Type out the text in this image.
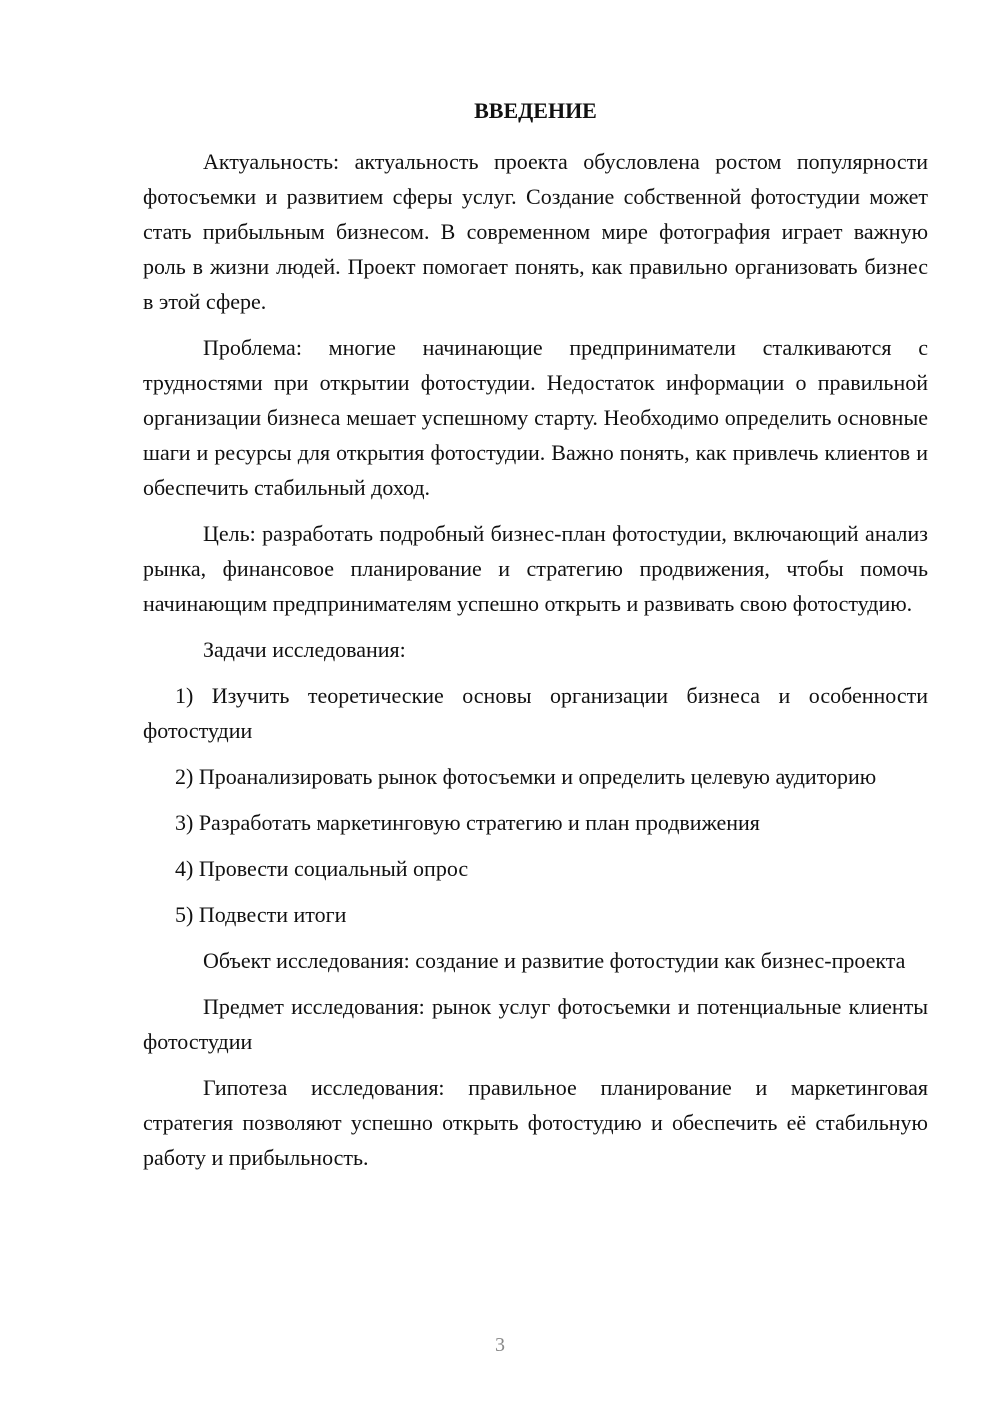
ВВЕДЕНИЕ

Актуальность: актуальность проекта обусловлена ростом популярности фотосъемки и развитием сферы услуг. Создание собственной фотостудии может стать прибыльным бизнесом. В современном мире фотография играет важную роль в жизни людей. Проект помогает понять, как правильно организовать бизнес в этой сфере.

Проблема: многие начинающие предприниматели сталкиваются с трудностями при открытии фотостудии. Недостаток информации о правильной организации бизнеса мешает успешному старту. Необходимо определить основные шаги и ресурсы для открытия фотостудии. Важно понять, как привлечь клиентов и обеспечить стабильный доход.

Цель: разработать подробный бизнес-план фотостудии, включающий анализ рынка, финансовое планирование и стратегию продвижения, чтобы помочь начинающим предпринимателям успешно открыть и развивать свою фотостудию.

Задачи исследования:

1) Изучить теоретические основы организации бизнеса и особенности фотостудии

2) Проанализировать рынок фотосъемки и определить целевую аудиторию

3) Разработать маркетинговую стратегию и план продвижения

4) Провести социальный опрос

5) Подвести итоги

Объект исследования: создание и развитие фотостудии как бизнес-проекта

Предмет исследования: рынок услуг фотосъемки и потенциальные клиенты фотостудии

Гипотеза исследования: правильное планирование и маркетинговая стратегия позволяют успешно открыть фотостудию и обеспечить её стабильную работу и прибыльность.

3
